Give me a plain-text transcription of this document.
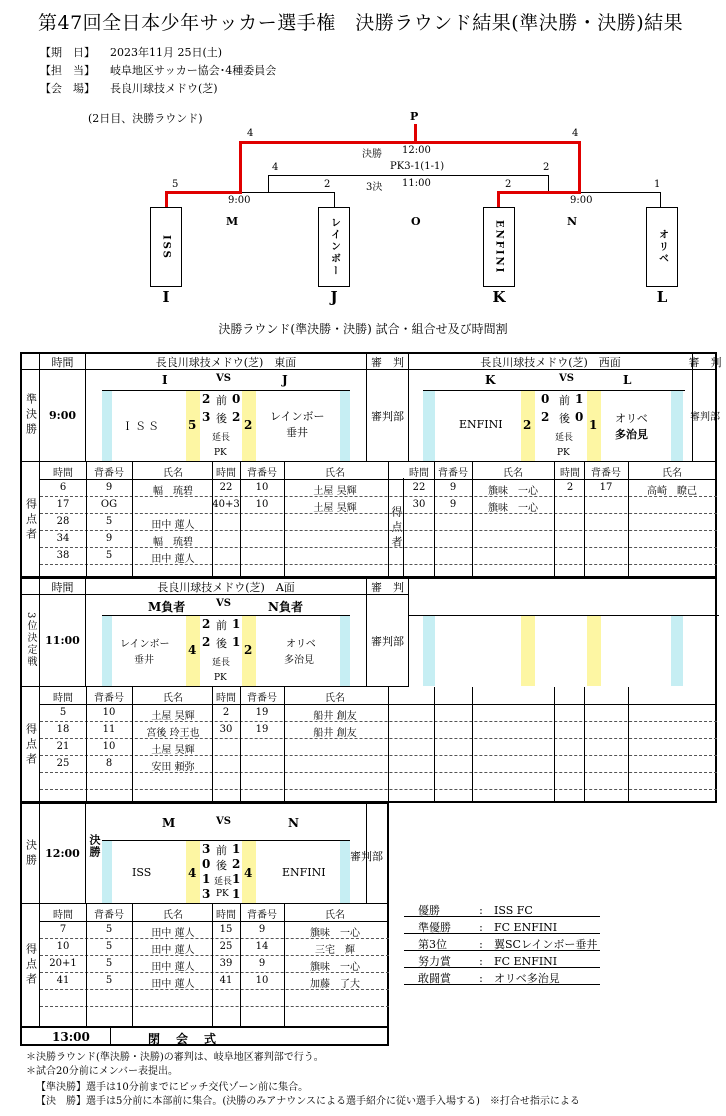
第47回全日本少年サッカー選手権　決勝ラウンド結果(準決勝・決勝)結果
【期　日】 2023年11月 25日(土)
【担　当】 岐阜地区サッカー協会･4種委員会
【会　場】 長良川球技メドウ(芝)
(2日目、決勝ラウンド)	P
4	4
決勝 12:00
4	2
PK3-1(1-1)
3決 11:00
5	2
9:00
2	1
9:00
M	O	N
ISS	レインボー	ENFINI	オリベ
I	J	K	L
決勝ラウンド(準決勝・決勝) 試合・組合せ及び時間割
時間	長良川球技メドウ(芝)　東面	審　判	長良川球技メドウ(芝)　西面	審　判
準決勝	9:00
I	VS	J
ＩＳＳ 5
2 前 0
3 後 2
延長
PK
2
レインボー
垂井
審判部
K	VS	L
ENFINI 2
0 前 1
2 後 0
延長
PK
1 オリベ
多治見
審判部
得点者	得点者
時間	背番号	氏名	時間	背番号	氏名
6	9	幅　琉碧
17	OG
28	5	田中 蓮人
34	9	幅　琉碧
38	5	田中 蓮人
22	10	土屋 昊輝
40+3	10	土屋 昊輝
時間 背番号	氏名	時間	背番号	氏名
22	9	籏味　一心
30	9	籏味　一心
2	17	高崎　瞭己
時間	長良川球技メドウ(芝)　A面	審　判
3位決定戦 11:00
M負者	VS	N負者
レインボー
垂井
4
2 前 1
2 後 1
延長
PK
2	オリベ
多治見
審判部
得点者
時間	背番号	氏名	時間	背番号	氏名
5	10	土屋 昊輝
18	11	宮後 玲王也
21	10	土屋 昊輝
25	8	安田 頼弥
2	19	船井 創友
30	19	船井 創友
決勝 12:00 決勝
M	VS	N
ISS	4
3 前 1
0 後 2
1 延長 1
3 PK 1
4	ENFINI
審判部
得点者
時間	背番号	氏名	時間	背番号	氏名
7	5	田中 蓮人
10	5	田中 蓮人
20+1	5	田中 蓮人
41	5	田中 蓮人
15	9	籏味　一心
25	14	三宅　輝
39	9	籏味　一心
41	10	加藤　了大
13:00	閉　会　式
優勝	: ISS FC
準優勝	: FC ENFINI
第3位	: 翼SCレインボー垂井
努力賞	: FC ENFINI
敢闘賞	: オリベ多治見
＊決勝ラウンド(準決勝・決勝)の審判は、岐阜地区審判部で行う。
＊試合20分前にメンバー表提出。
【準決勝】選手は10分前までにピッチ交代ゾーン前に集合。
【決　勝】選手は5分前に本部前に集合。(決勝のみアナウンスによる選手紹介に従い選手入場する)　※打合せ指示による
